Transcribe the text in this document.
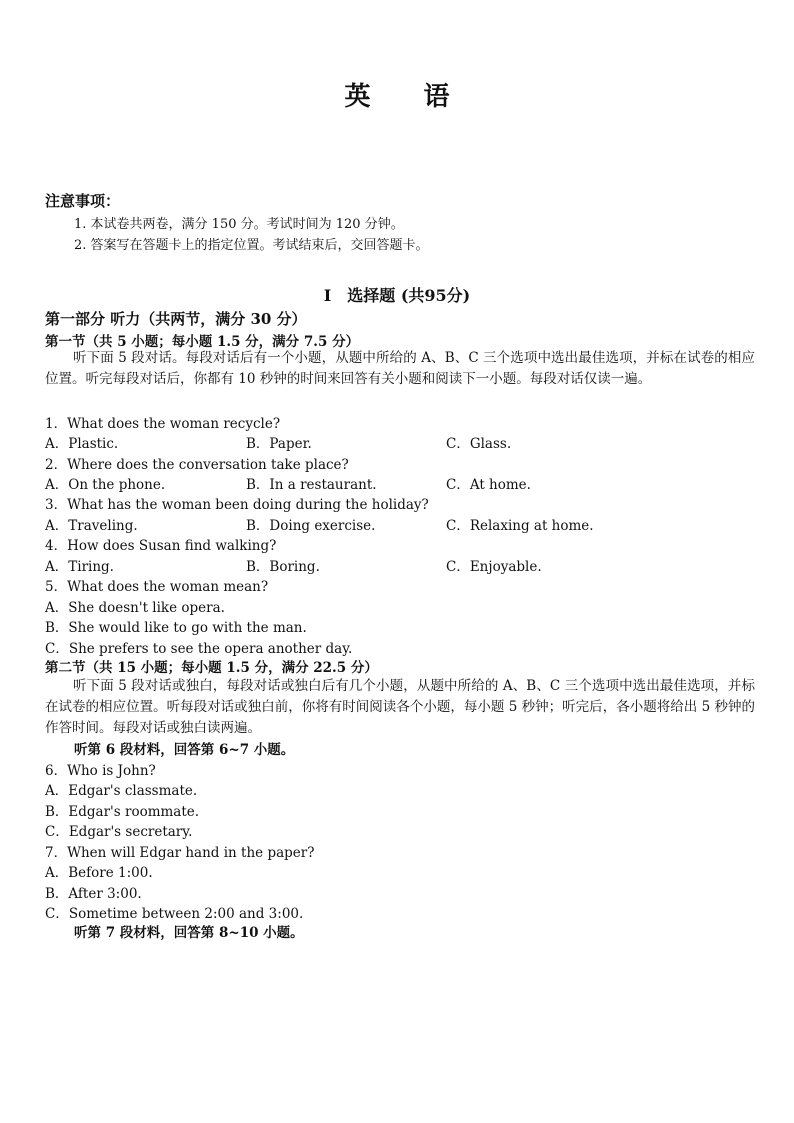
英 语
注意事项：
1. 本试卷共两卷，满分 150 分。考试时间为 120 分钟。
2. 答案写在答题卡上的指定位置。考试结束后，交回答题卡。
I　选择题 (共95分)
第一部分 听力（共两节，满分 30 分）
第一节（共 5 小题；每小题 1.5 分，满分 7.5 分）
听下面 5 段对话。每段对话后有一个小题，从题中所给的 A、B、C 三个选项中选出最佳选项，并标在试卷的相应位置。听完每段对话后，你都有 10 秒钟的时间来回答有关小题和阅读下一小题。每段对话仅读一遍。
1．What does the woman recycle?
A．Plastic.	B．Paper.	C．Glass.
2．Where does the conversation take place?
A．On the phone.	B．In a restaurant.	C．At home.
3．What has the woman been doing during the holiday?
A．Traveling.	B．Doing exercise.	C．Relaxing at home.
4．How does Susan find walking?
A．Tiring.	B．Boring.	C．Enjoyable.
5．What does the woman mean?
A．She doesn't like opera.
B．She would like to go with the man.
C．She prefers to see the opera another day.
第二节（共 15 小题；每小题 1.5 分，满分 22.5 分）
听下面 5 段对话或独白，每段对话或独白后有几个小题，从题中所给的 A、B、C 三个选项中选出最佳选项，并标在试卷的相应位置。听每段对话或独白前，你将有时间阅读各个小题，每小题 5 秒钟；听完后，各小题将给出 5 秒钟的作答时间。每段对话或独白读两遍。
听第 6 段材料，回答第 6~7 小题。
6．Who is John?
A．Edgar's classmate.
B．Edgar's roommate.
C．Edgar's secretary.
7．When will Edgar hand in the paper?
A．Before 1:00.
B．After 3:00.
C．Sometime between 2:00 and 3:00.
听第 7 段材料，回答第 8~10 小题。
